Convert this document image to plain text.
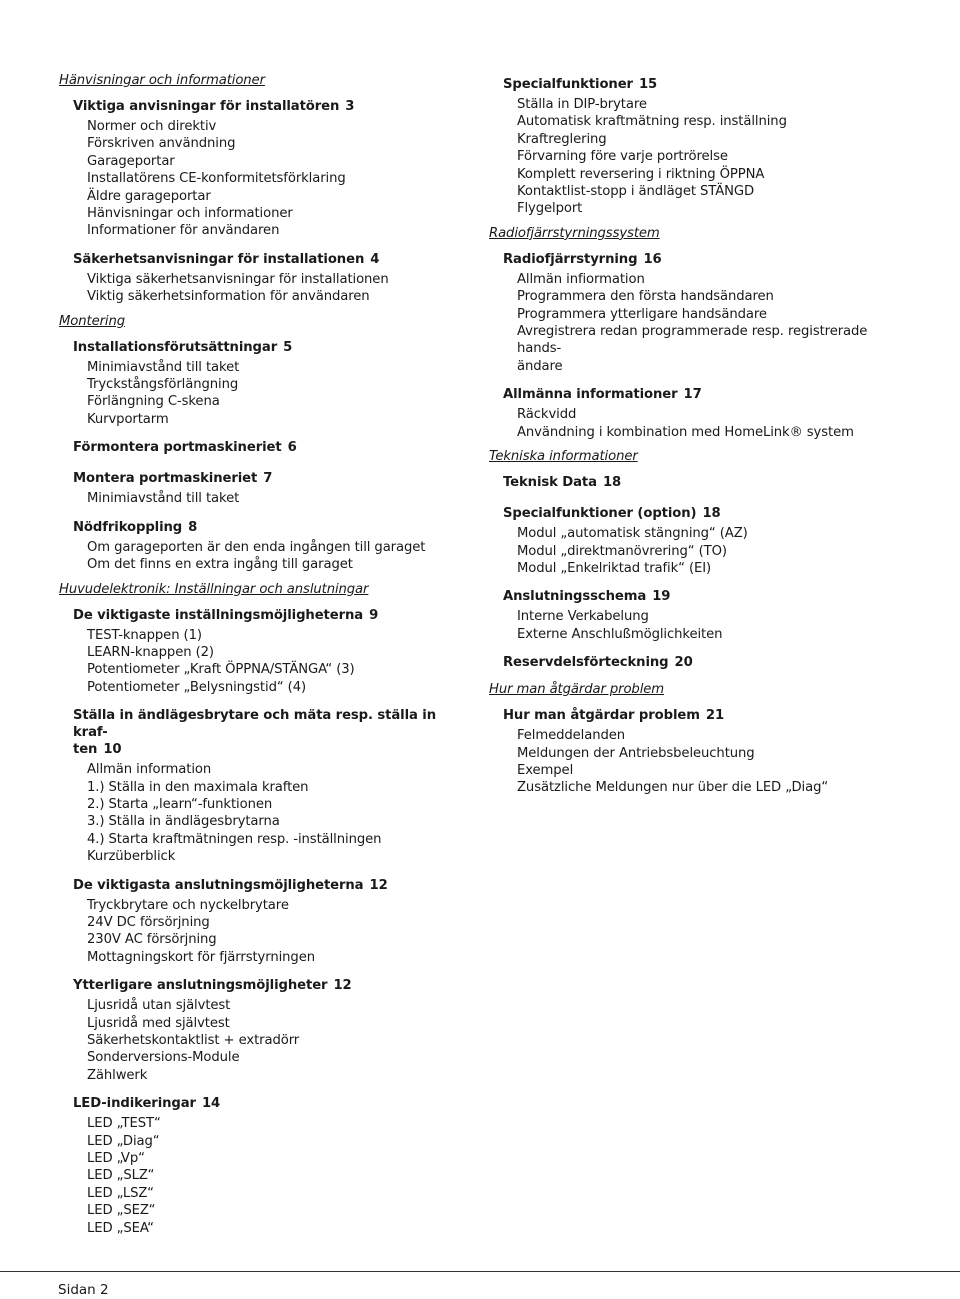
Hänvisningar och informationer
Viktiga anvisningar för installatören 3
Normer och direktiv
Förskriven användning
Garageportar
Installatörens CE-konformitetsförklaring
Äldre garageportar
Hänvisningar och informationer
Informationer för användaren
Säkerhetsanvisningar för installationen 4
Viktiga säkerhetsanvisningar för installationen
Viktig säkerhetsinformation för användaren
Montering
Installationsförutsättningar 5
Minimiavstånd till taket
Tryckstångsförlängning
Förlängning C-skena
Kurvportarm
Förmontera portmaskineriet 6
Montera portmaskineriet 7
Minimiavstånd till taket
Nödfrikoppling 8
Om garageporten är den enda ingången till garaget
Om det finns en extra ingång till garaget
Huvudelektronik: Inställningar och anslutningar
De viktigaste inställningsmöjligheterna 9
TEST-knappen (1)
LEARN-knappen (2)
Potentiometer „Kraft ÖPPNA/STÄNGA“ (3)
Potentiometer „Belysningstid“ (4)
Ställa in ändlägesbrytare och mäta resp. ställa in kraf-
ten 10
Allmän information
1.) Ställa in den maximala kraften
2.) Starta „learn“-funktionen
3.) Ställa in ändlägesbrytarna
4.) Starta kraftmätningen resp. -inställningen
Kurzüberblick
De viktigasta anslutningsmöjligheterna 12
Tryckbrytare och nyckelbrytare
24V DC försörjning
230V AC försörjning
Mottagningskort för fjärrstyrningen
Ytterligare anslutningsmöjligheter 12
Ljusridå utan självtest
Ljusridå med självtest
Säkerhetskontaktlist + extradörr
Sonderversions-Module
Zählwerk
LED-indikeringar 14
LED „TEST“
LED „Diag“
LED „Vp“
LED „SLZ“
LED „LSZ“
LED „SEZ“
LED „SEA“
Specialfunktioner 15
Ställa in DIP-brytare
Automatisk kraftmätning resp. inställning
Kraftreglering
Förvarning före varje portrörelse
Komplett reversering i riktning ÖPPNA
Kontaktlist-stopp i ändläget STÄNGD
Flygelport
Radiofjärrstyrningssystem
Radiofjärrstyrning 16
Allmän infiormation
Programmera den första handsändaren
Programmera ytterligare handsändare
Avregistrera redan programmerade resp. registrerade hands-
ändare
Allmänna informationer 17
Räckvidd
Användning i kombination med HomeLink® system
Tekniska informationer
Teknisk Data 18
Specialfunktioner (option) 18
Modul „automatisk stängning“ (AZ)
Modul „direktmanövrering“ (TO)
Modul „Enkelriktad trafik“ (EI)
Anslutningsschema 19
Interne Verkabelung
Externe Anschlußmöglichkeiten
Reservdelsförteckning 20
Hur man åtgärdar problem
Hur man åtgärdar problem 21
Felmeddelanden
Meldungen der Antriebsbeleuchtung
Exempel
Zusätzliche Meldungen nur über die LED „Diag“
Sidan 2
